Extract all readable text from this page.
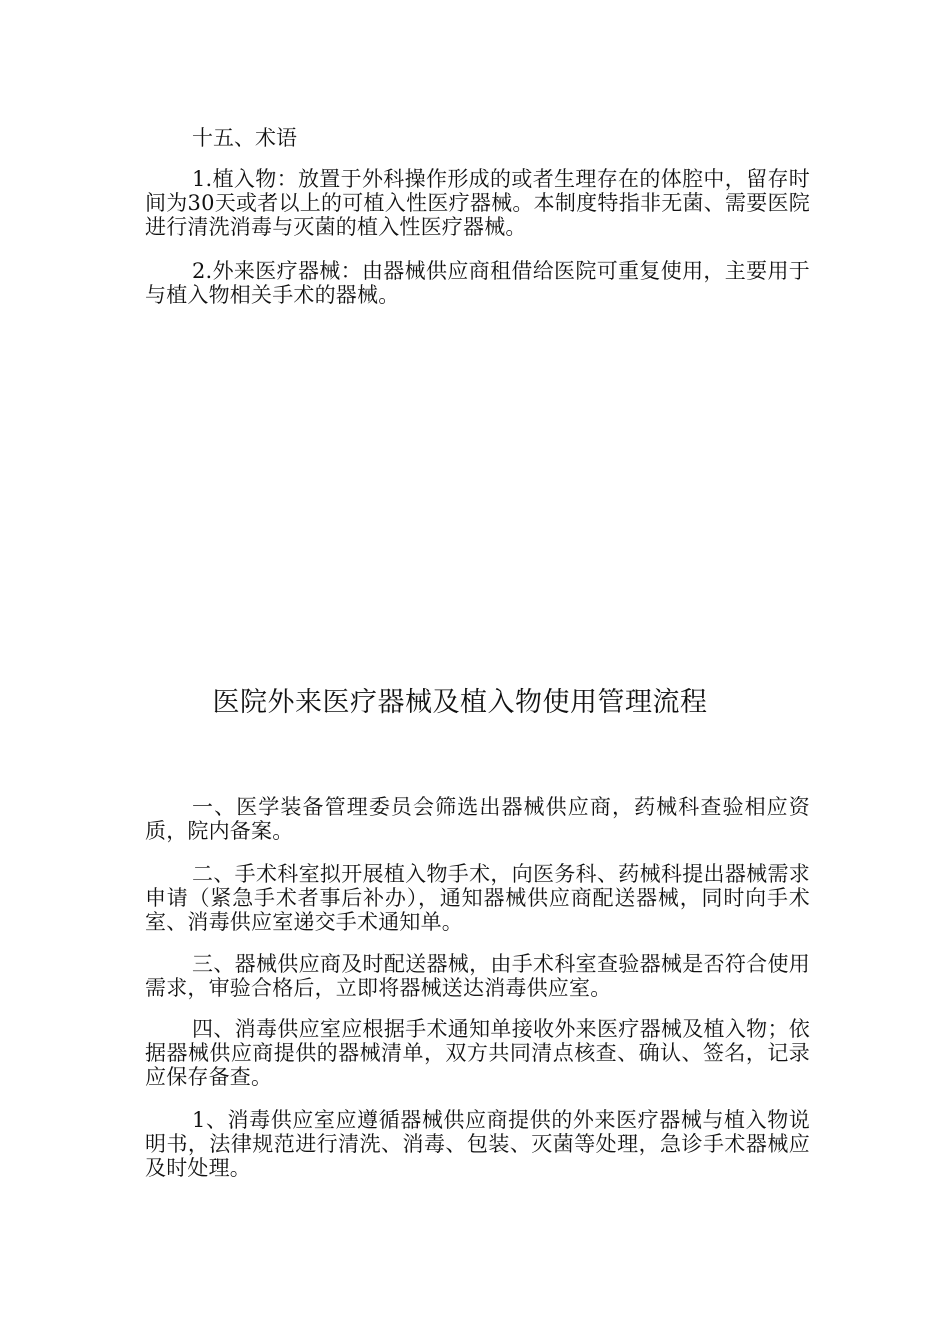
十五、术语

1.植入物：放置于外科操作形成的或者生理存在的体腔中，留存时间为30天或者以上的可植入性医疗器械。本制度特指非无菌、需要医院进行清洗消毒与灭菌的植入性医疗器械。

2.外来医疗器械：由器械供应商租借给医院可重复使用，主要用于与植入物相关手术的器械。

医院外来医疗器械及植入物使用管理流程

一、医学装备管理委员会筛选出器械供应商，药械科查验相应资质，院内备案。

二、手术科室拟开展植入物手术，向医务科、药械科提出器械需求申请（紧急手术者事后补办），通知器械供应商配送器械，同时向手术室、消毒供应室递交手术通知单。

三、器械供应商及时配送器械，由手术科室查验器械是否符合使用需求，审验合格后，立即将器械送达消毒供应室。

四、消毒供应室应根据手术通知单接收外来医疗器械及植入物；依据器械供应商提供的器械清单，双方共同清点核查、确认、签名，记录应保存备查。

1、消毒供应室应遵循器械供应商提供的外来医疗器械与植入物说明书，法律规范进行清洗、消毒、包装、灭菌等处理，急诊手术器械应及时处理。
